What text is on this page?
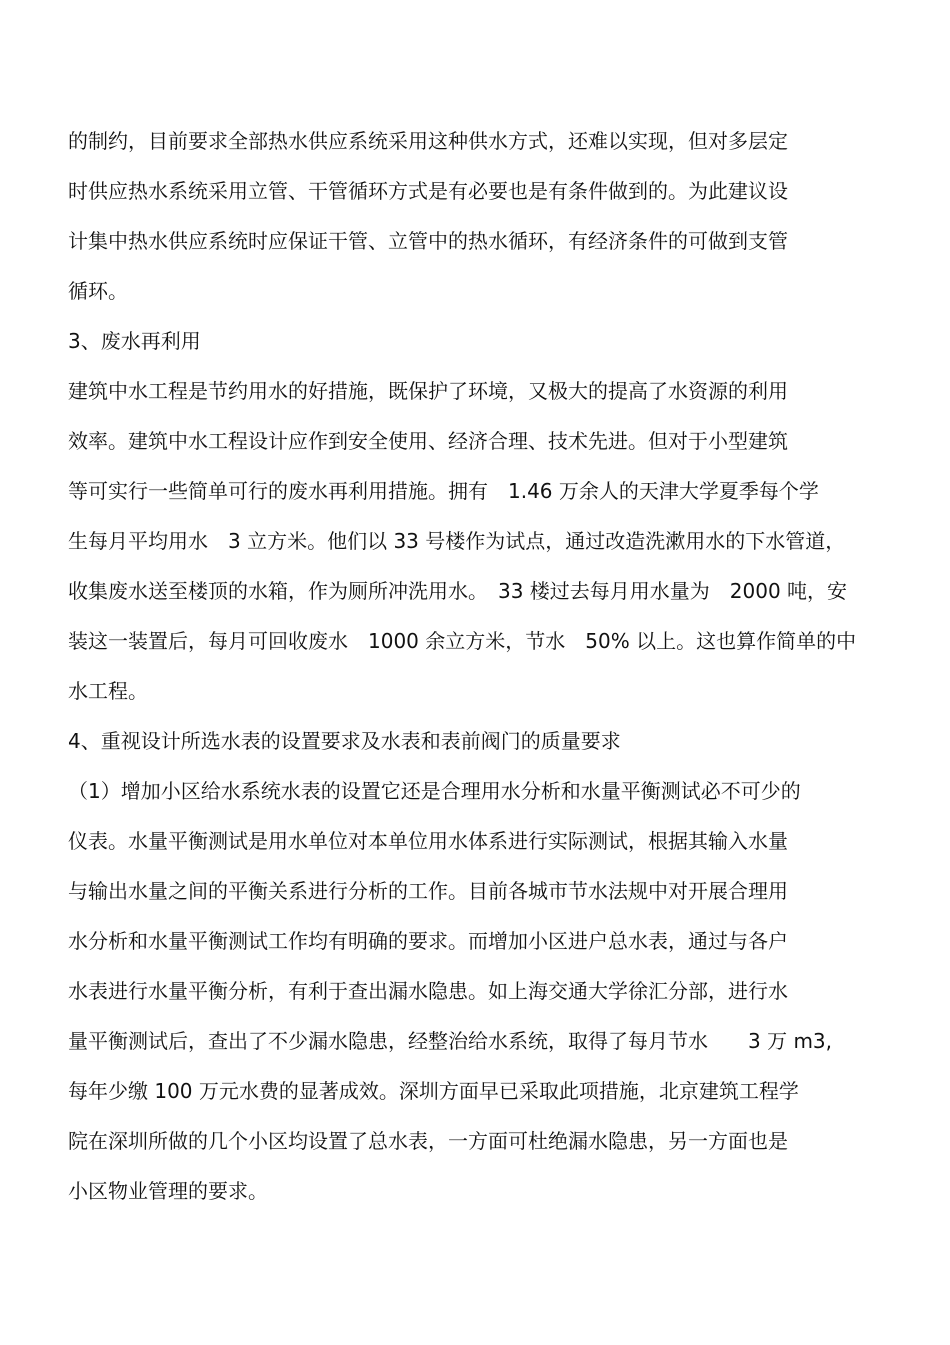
的制约，目前要求全部热水供应系统采用这种供水方式，还难以实现，但对多层定
时供应热水系统采用立管、干管循环方式是有必要也是有条件做到的。为此建议设
计集中热水供应系统时应保证干管、立管中的热水循环，有经济条件的可做到支管
循环。
3、废水再利用
建筑中水工程是节约用水的好措施，既保护了环境，又极大的提高了水资源的利用
效率。建筑中水工程设计应作到安全使用、经济合理、技术先进。但对于小型建筑
等可实行一些简单可行的废水再利用措施。拥有　1.46 万余人的天津大学夏季每个学
生每月平均用水　3 立方米。他们以 33 号楼作为试点，通过改造洗漱用水的下水管道，
收集废水送至楼顶的水箱，作为厕所冲洗用水。　33 楼过去每月用水量为　2000 吨，安
装这一装置后，每月可回收废水　1000 余立方米，节水　50% 以上。这也算作简单的中
水工程。
4、重视设计所选水表的设置要求及水表和表前阀门的质量要求
（1）增加小区给水系统水表的设置它还是合理用水分析和水量平衡测试必不可少的
仪表。水量平衡测试是用水单位对本单位用水体系进行实际测试，根据其输入水量
与输出水量之间的平衡关系进行分析的工作。目前各城市节水法规中对开展合理用
水分析和水量平衡测试工作均有明确的要求。而增加小区进户总水表，通过与各户
水表进行水量平衡分析，有利于查出漏水隐患。如上海交通大学徐汇分部，进行水
量平衡测试后，查出了不少漏水隐患，经整治给水系统，取得了每月节水　　3 万 m3,
每年少缴 100 万元水费的显著成效。深圳方面早已采取此项措施，北京建筑工程学
院在深圳所做的几个小区均设置了总水表，一方面可杜绝漏水隐患，另一方面也是
小区物业管理的要求。
